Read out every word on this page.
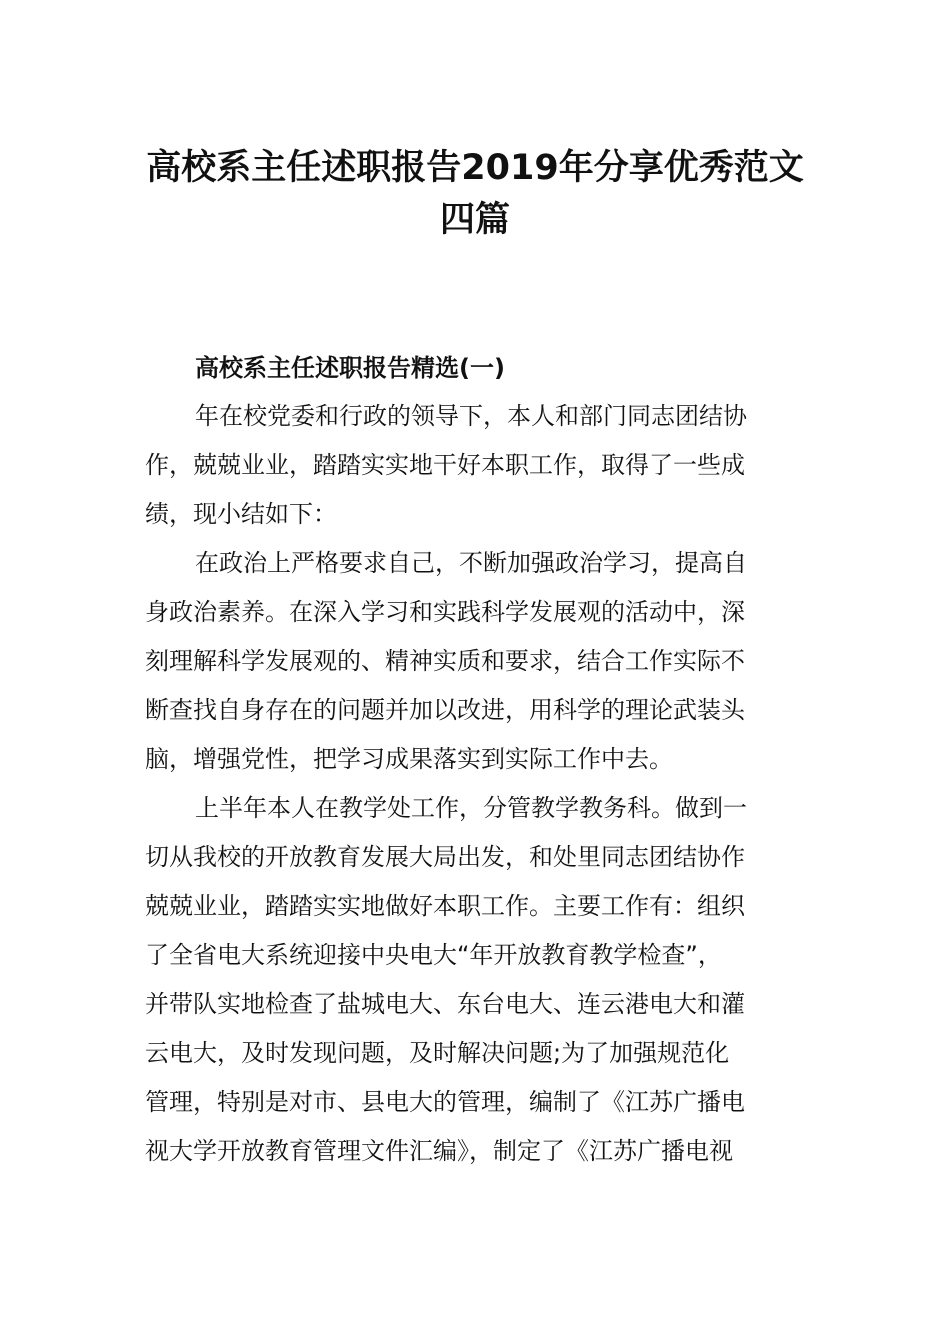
高校系主任述职报告2019年分享优秀范文
四篇
高校系主任述职报告精选(一)
年在校党委和行政的领导下，本人和部门同志团结协
作，兢兢业业，踏踏实实地干好本职工作，取得了一些成
绩，现小结如下：
在政治上严格要求自己，不断加强政治学习，提高自
身政治素养。在深入学习和实践科学发展观的活动中，深
刻理解科学发展观的、精神实质和要求，结合工作实际不
断查找自身存在的问题并加以改进，用科学的理论武装头
脑，增强党性，把学习成果落实到实际工作中去。
上半年本人在教学处工作，分管教学教务科。做到一
切从我校的开放教育发展大局出发，和处里同志团结协作
兢兢业业，踏踏实实地做好本职工作。主要工作有：组织
了全省电大系统迎接中央电大“年开放教育教学检查”，
并带队实地检查了盐城电大、东台电大、连云港电大和灌
云电大，及时发现问题，及时解决问题;为了加强规范化
管理，特别是对市、县电大的管理，编制了《江苏广播电
视大学开放教育管理文件汇编》，制定了《江苏广播电视
